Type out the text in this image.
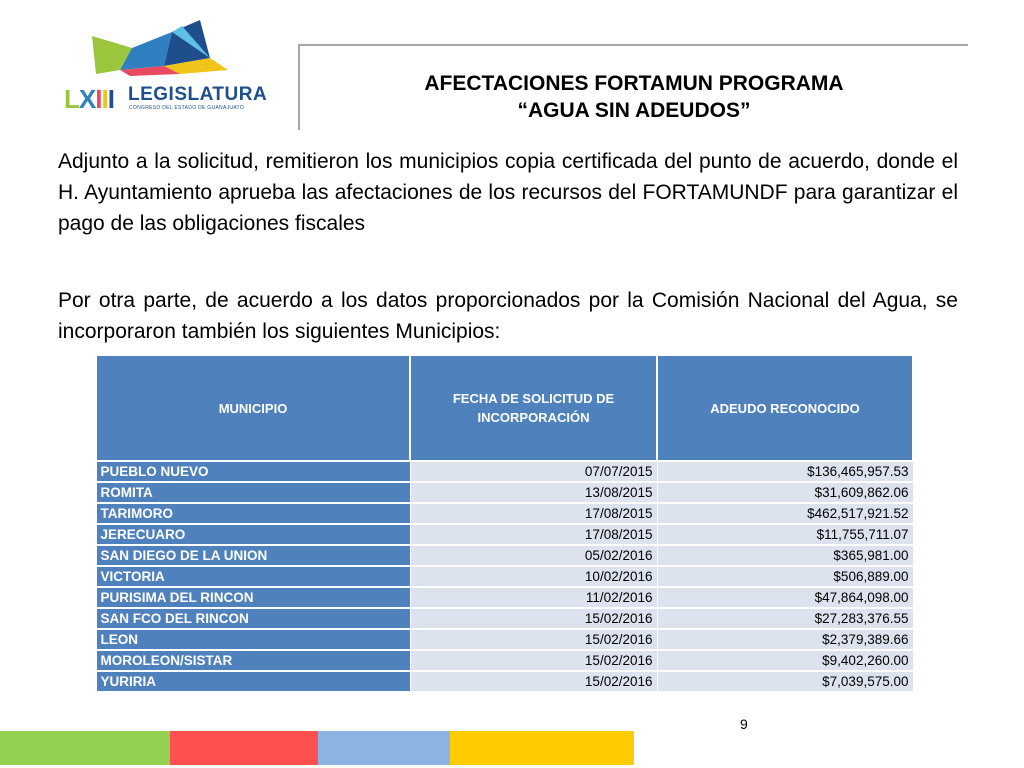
LXIII LEGISLATURA
CONGRESO DEL ESTADO DE GUANAJUATO
AFECTACIONES FORTAMUN PROGRAMA
“AGUA SIN ADEUDOS”
Adjunto a la solicitud, remitieron los municipios copia certificada del punto de acuerdo, donde el H. Ayuntamiento aprueba las afectaciones de los recursos del FORTAMUNDF para garantizar el pago de las obligaciones fiscales
Por otra parte, de acuerdo a los datos proporcionados por la Comisión Nacional del Agua, se incorporaron también los siguientes Municipios:
MUNICIPIO	FECHA DE SOLICITUD DE INCORPORACIÓN	ADEUDO RECONOCIDO
PUEBLO NUEVO	07/07/2015	$136,465,957.53
ROMITA	13/08/2015	$31,609,862.06
TARIMORO	17/08/2015	$462,517,921.52
JERECUARO	17/08/2015	$11,755,711.07
SAN DIEGO DE LA UNION	05/02/2016	$365,981.00
VICTORIA	10/02/2016	$506,889.00
PURISIMA DEL RINCON	11/02/2016	$47,864,098.00
SAN FCO DEL RINCON	15/02/2016	$27,283,376.55
LEON	15/02/2016	$2,379,389.66
MOROLEON/SISTAR	15/02/2016	$9,402,260.00
YURIRIA	15/02/2016	$7,039,575.00
9
